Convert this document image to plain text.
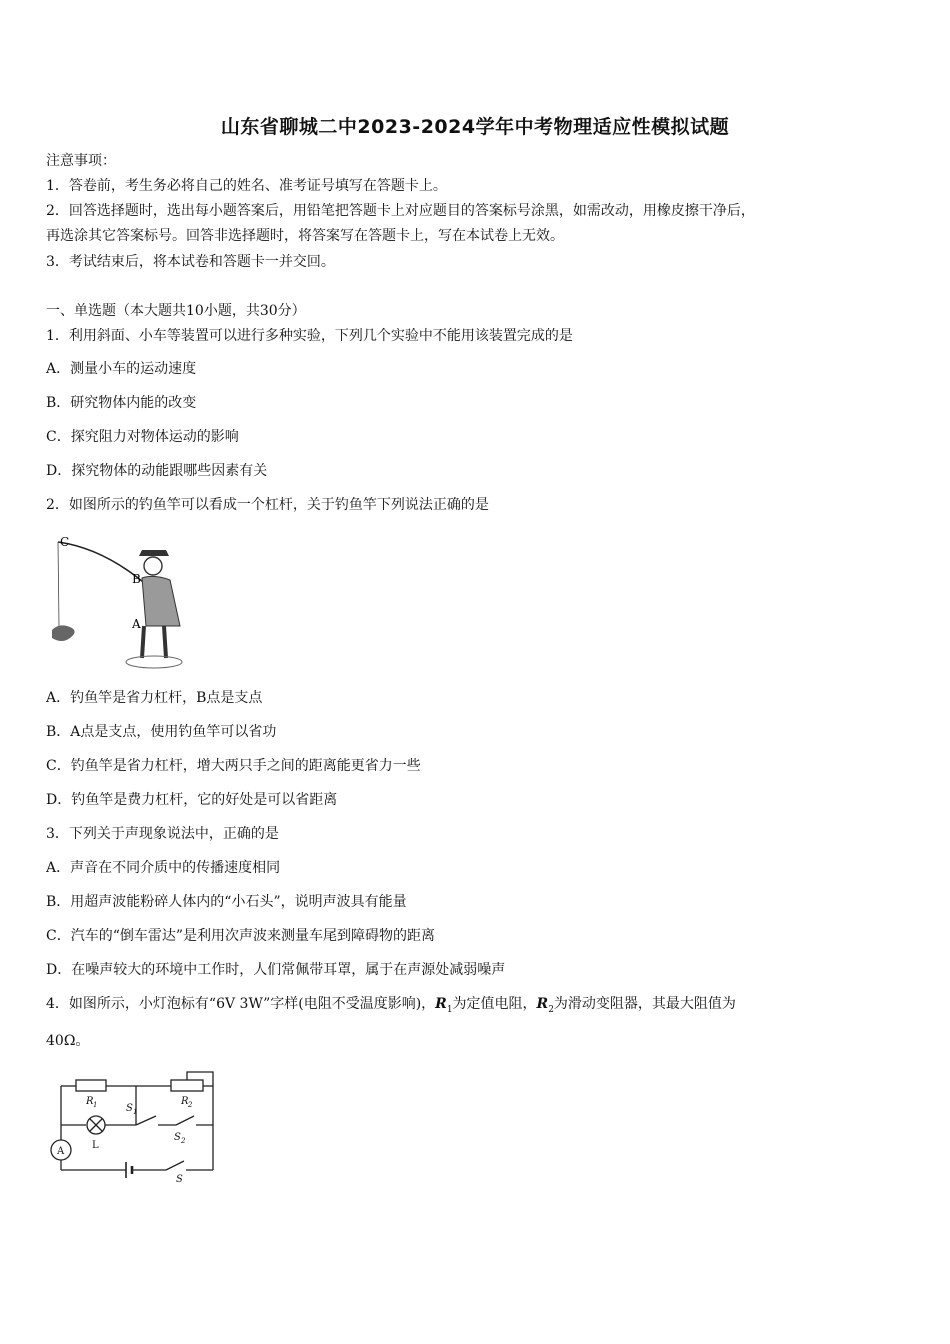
山东省聊城二中2023-2024学年中考物理适应性模拟试题
注意事项：
1．答卷前，考生务必将自己的姓名、准考证号填写在答题卡上。
2．回答选择题时，选出每小题答案后，用铅笔把答题卡上对应题目的答案标号涂黑，如需改动，用橡皮擦干净后，
再选涂其它答案标号。回答非选择题时，将答案写在答题卡上，写在本试卷上无效。
3．考试结束后，将本试卷和答题卡一并交回。
一、单选题（本大题共10小题，共30分）
1．利用斜面、小车等装置可以进行多种实验，下列几个实验中不能用该装置完成的是
A．测量小车的运动速度
B．研究物体内能的改变
C．探究阻力对物体运动的影响
D．探究物体的动能跟哪些因素有关
2．如图所示的钓鱼竿可以看成一个杠杆，关于钓鱼竿下列说法正确的是
C
B
A
A．钓鱼竿是省力杠杆，B点是支点
B．A点是支点，使用钓鱼竿可以省功
C．钓鱼竿是省力杠杆，增大两只手之间的距离能更省力一些
D．钓鱼竿是费力杠杆，它的好处是可以省距离
3．下列关于声现象说法中，正确的是
A．声音在不同介质中的传播速度相同
B．用超声波能粉碎人体内的“小石头”，说明声波具有能量
C．汽车的“倒车雷达”是利用次声波来测量车尾到障碍物的距离
D．在噪声较大的环境中工作时，人们常佩带耳罩，属于在声源处减弱噪声
4．如图所示，小灯泡标有“6V 3W”字样(电阻不受温度影响)，$R_1$为定值电阻，$R_2$为滑动变阻器，其最大阻值为
40Ω。
R 1	R 2
S 1
S 2
S
L
A
